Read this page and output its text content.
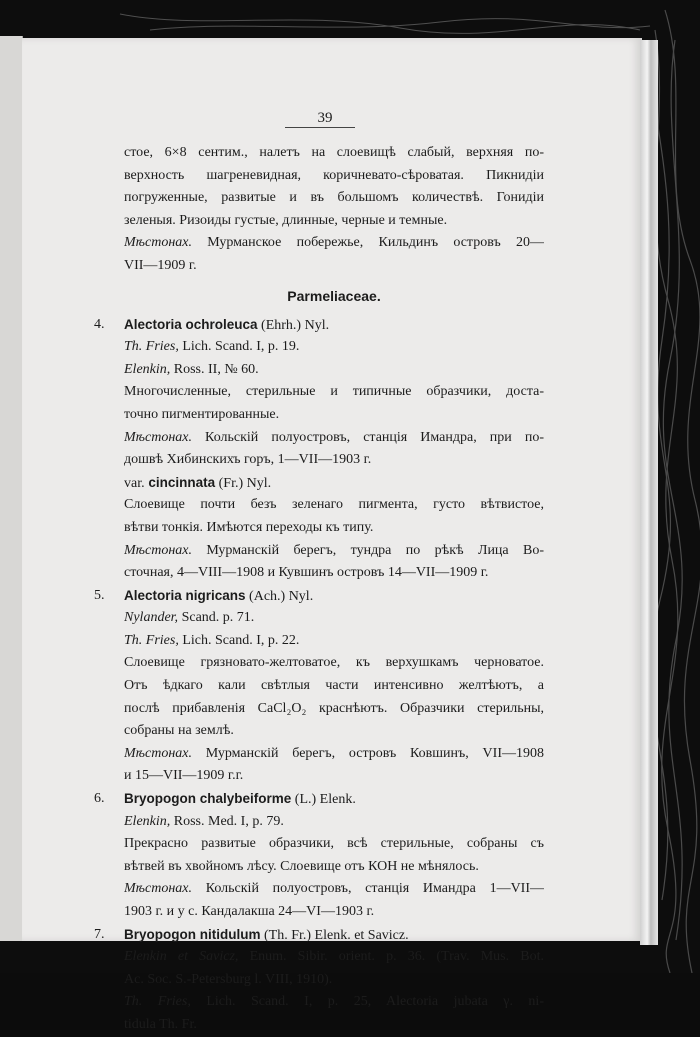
39
стое, 6×8 сентим., налетъ на слоевищѣ слабый, верхняя по-
верхность шагреневидная, коричневато-сѣроватая. Пикнидіи
погруженные, развитые и въ большомъ количествѣ. Гонидіи
зеленыя. Ризоиды густые, длинные, черные и темные.
Мѣстонах. Мурманское побережье, Кильдинъ островъ 20—
VII—1909 г.
Parmeliaceae.
4. Alectoria ochroleuca (Ehrh.) Nyl.
Th. Fries, Lich. Scand. I, p. 19.
Elenkin, Ross. II, № 60.
Многочисленные, стерильные и типичные образчики, доста-
точно пигментированные.
Мѣстонах. Кольскій полуостровъ, станція Имандра, при по-
дошвѣ Хибинскихъ горъ, 1—VII—1903 г.
var. cincinnata (Fr.) Nyl.
Слоевище почти безъ зеленаго пигмента, густо вѣтвистое,
вѣтви тонкія. Имѣются переходы къ типу.
Мѣстонах. Мурманскій берегъ, тундра по рѣкѣ Лица Во-
сточная, 4—VIII—1908 и Кувшинъ островъ 14—VII—1909 г.
5. Alectoria nigricans (Ach.) Nyl.
Nylander, Scand. p. 71.
Th. Fries, Lich. Scand. I, p. 22.
Слоевище грязновато-желтоватое, къ верхушкамъ черноватое.
Отъ ѣдкаго кали свѣтлыя части интенсивно желтѣютъ, а
послѣ прибавленія CaCl₂O₂ краснѣютъ. Образчики стерильны,
собраны на землѣ.
Мѣстонах. Мурманскій берегъ, островъ Ковшинъ, VII—1908
и 15—VII—1909 г.г.
6. Bryopogon chalybeiforme (L.) Elenk.
Elenkin, Ross. Med. I, p. 79.
Прекрасно развитые образчики, всѣ стерильные, собраны съ
вѣтвей въ хвойномъ лѣсу. Слоевище отъ КОН не мѣнялось.
Мѣстонах. Кольскій полуостровъ, станція Имандра 1—VII—
1903 г. и у с. Кандалакша 24—VI—1903 г.
7. Bryopogon nitidulum (Th. Fr.) Elenk. et Savicz.
Elenkin et Savicz, Enum. Sibir. orient. p. 36. (Trav. Mus. Bot.
Ac. Soc. S.-Petersburg l. VIII, 1910).
Th. Fries, Lich. Scand. I, p. 25, Alectoria jubata γ. ni-
tidula Th. Fr.
